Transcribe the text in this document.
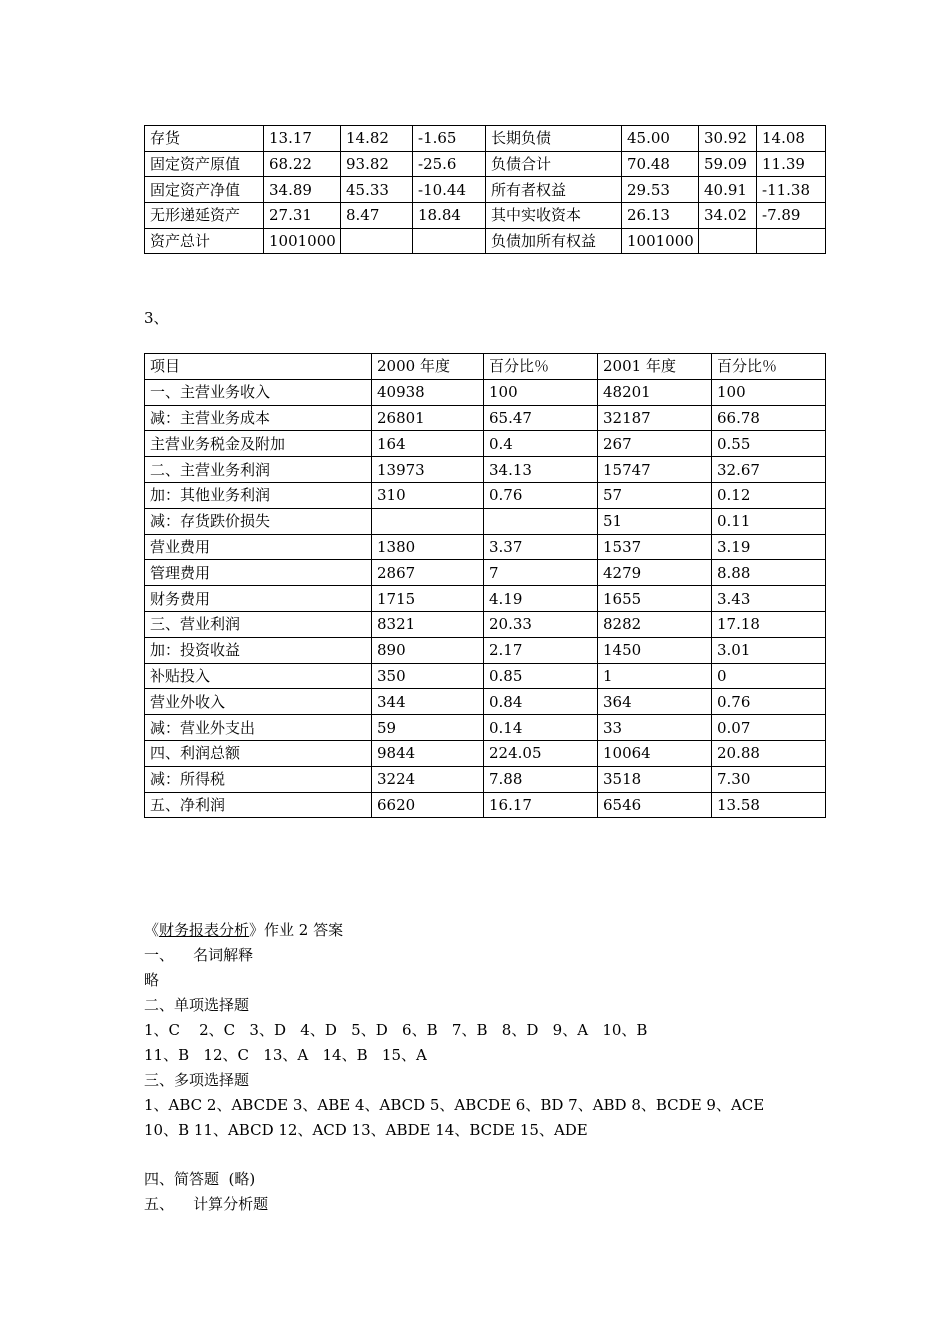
存货	13.17	14.82	-1.65	长期负债	45.00	30.92	14.08
固定资产原值	68.22	93.82	-25.6	负债合计	70.48	59.09	11.39
固定资产净值	34.89	45.33	-10.44	所有者权益	29.53	40.91	-11.38
无形递延资产	27.31	8.47	18.84	其中实收资本	26.13	34.02	-7.89
资产总计	1001000			负债加所有权益	1001000		
3、
项目	2000 年度	百分比％	2001 年度	百分比％
一、主营业务收入	40938	100	48201	100
减：主营业务成本	26801	65.47	32187	66.78
主营业务税金及附加	164	0.4	267	0.55
二、主营业务利润	13973	34.13	15747	32.67
加：其他业务利润	310	0.76	57	0.12
减：存货跌价损失			51	0.11
营业费用	1380	3.37	1537	3.19
管理费用	2867	7	4279	8.88
财务费用	1715	4.19	1655	3.43
三、营业利润	8321	20.33	8282	17.18
加：投资收益	890	2.17	1450	3.01
补贴投入	350	0.85	1	0
营业外收入	344	0.84	364	0.76
减：营业外支出	59	0.14	33	0.07
四、利润总额	9844	224.05	10064	20.88
减：所得税	3224	7.88	3518	7.30
五、净利润	6620	16.17	6546	13.58
《财务报表分析》作业 2 答案
一、    名词解释
略
二、单项选择题
1、C    2、C   3、D   4、D   5、D   6、B   7、B   8、D   9、A   10、B
11、B   12、C   13、A   14、B   15、A
三、多项选择题
1、ABC 2、ABCDE 3、ABE 4、ABCD 5、ABCDE 6、BD 7、ABD 8、BCDE 9、ACE
10、B 11、ABCD 12、ACD 13、ABDE 14、BCDE 15、ADE
四、简答题  (略)
五、    计算分析题
